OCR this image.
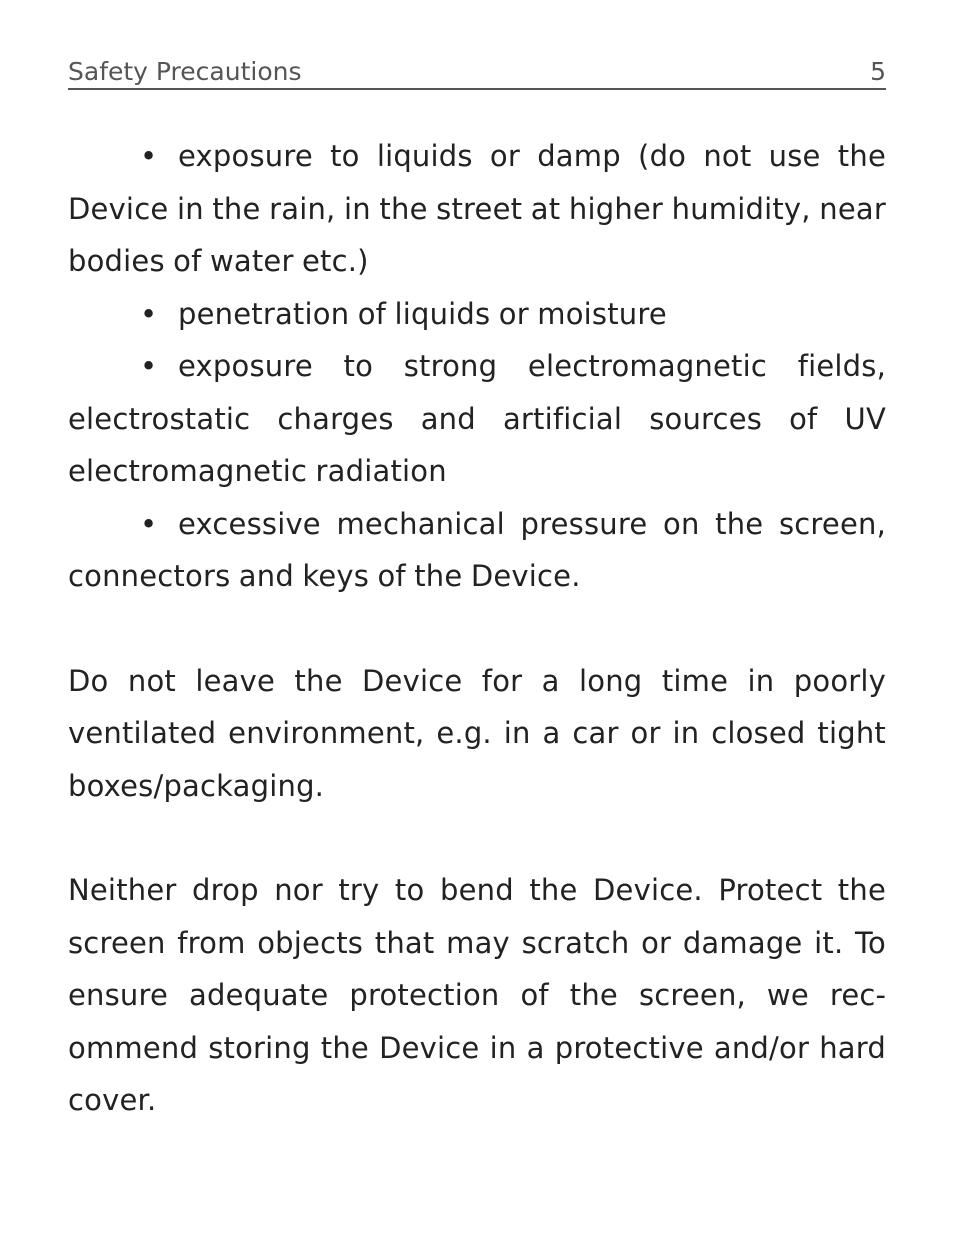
Safety Precautions	5

• exposure to liquids or damp (do not use the Device in the rain, in the street at higher humidity, near bodies of water etc.)

• penetration of liquids or moisture

• exposure to strong electromagnetic fields, electrostatic charges and artificial sources of UV electromagnetic radiation

• excessive mechanical pressure on the screen, connectors and keys of the Device.

Do not leave the Device for a long time in poorly ventilated environment, e.g. in a car or in closed tight boxes/packaging.

Neither drop nor try to bend the Device. Protect the screen from objects that may scratch or damage it. To ensure adequate protection of the screen, we recommend storing the Device in a protective and/or hard cover.
